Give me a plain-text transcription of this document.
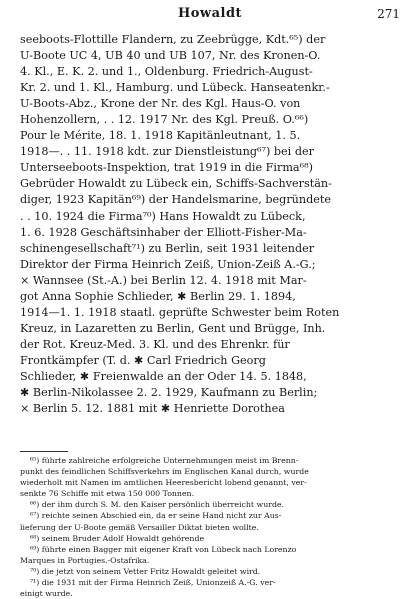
Howaldt	271
seeboots-Flottille Flandern, zu Zeebrügge, Kdt.⁶⁵) der
U-Boote UC 4, UB 40 und UB 107, Nr. des Kronen-O.
4. Kl., E. K. 2. und 1., Oldenburg. Friedrich-August-
Kr. 2. und 1. Kl., Hamburg. und Lübeck. Hanseatenkr.-
U-Boots-Abz., Krone der Nr. des Kgl. Haus-O. von
Hohenzollern, . . 12. 1917 Nr. des Kgl. Preuß. O.⁶⁶)
Pour le Mérite, 18. 1. 1918 Kapitänleutnant, 1. 5.
1918—. . 11. 1918 kdt. zur Dienstleistung⁶⁷) bei der
Unterseeboots-Inspektion, trat 1919 in die Firma⁶⁸)
Gebrüder Howaldt zu Lübeck ein, Schiffs-Sachverstän-
diger, 1923 Kapitän⁶⁹) der Handelsmarine, begründete
. . 10. 1924 die Firma⁷⁰) Hans Howaldt zu Lübeck,
1. 6. 1928 Geschäftsinhaber der Elliott-Fisher-Ma-
schinengesellschaft⁷¹) zu Berlin, seit 1931 leitender
Direktor der Firma Heinrich Zeiß, Union-Zeiß A.-G.;
⨯ Wannsee (St.-A.) bei Berlin 12. 4. 1918 mit Mar-
got Anna Sophie Schlieder, ✱ Berlin 29. 1. 1894,
1914—1. 1. 1918 staatl. geprüfte Schwester beim Roten
Kreuz, in Lazaretten zu Berlin, Gent und Brügge, Inh.
der Rot. Kreuz-Med. 3. Kl. und des Ehrenkr. für
Frontkämpfer (T. d. ✱ Carl Friedrich Georg
Schlieder, ✱ Freienwalde an der Oder 14. 5. 1848,
✱ Berlin-Nikolassee 2. 2. 1929, Kaufmann zu Berlin;
⨯ Berlin 5. 12. 1881 mit ✱ Henriette Dorothea
⁶⁵) führte zahlreiche erfolgreiche Unternehmungen meist im Brenn-
punkt des feindlichen Schiffsverkehrs im Englischen Kanal durch, wurde
wiederholt mit Namen im amtlichen Heeresbericht lobend genannt, ver-
senkte 76 Schiffe mit etwa 150 000 Tonnen.
⁶⁶) der ihm durch S. M. den Kaiser persönlich überreicht wurde.
⁶⁷) reichte seinen Abschied ein, da er seine Hand nicht zur Aus-
lieferung der U-Boote gemäß Versailler Diktat bieten wollte.
⁶⁸) seinem Bruder Adolf Howaldt gehörende
⁶⁹) führte einen Bagger mit eigener Kraft von Lübeck nach Lorenzo
Marques in Portugies.-Ostafrika.
⁷⁰) die jetzt von seinem Vetter Fritz Howaldt geleitet wird.
⁷¹) die 1931 mit der Firma Heinrich Zeiß, Unionzeiß A.-G. ver-
einigt wurde.
